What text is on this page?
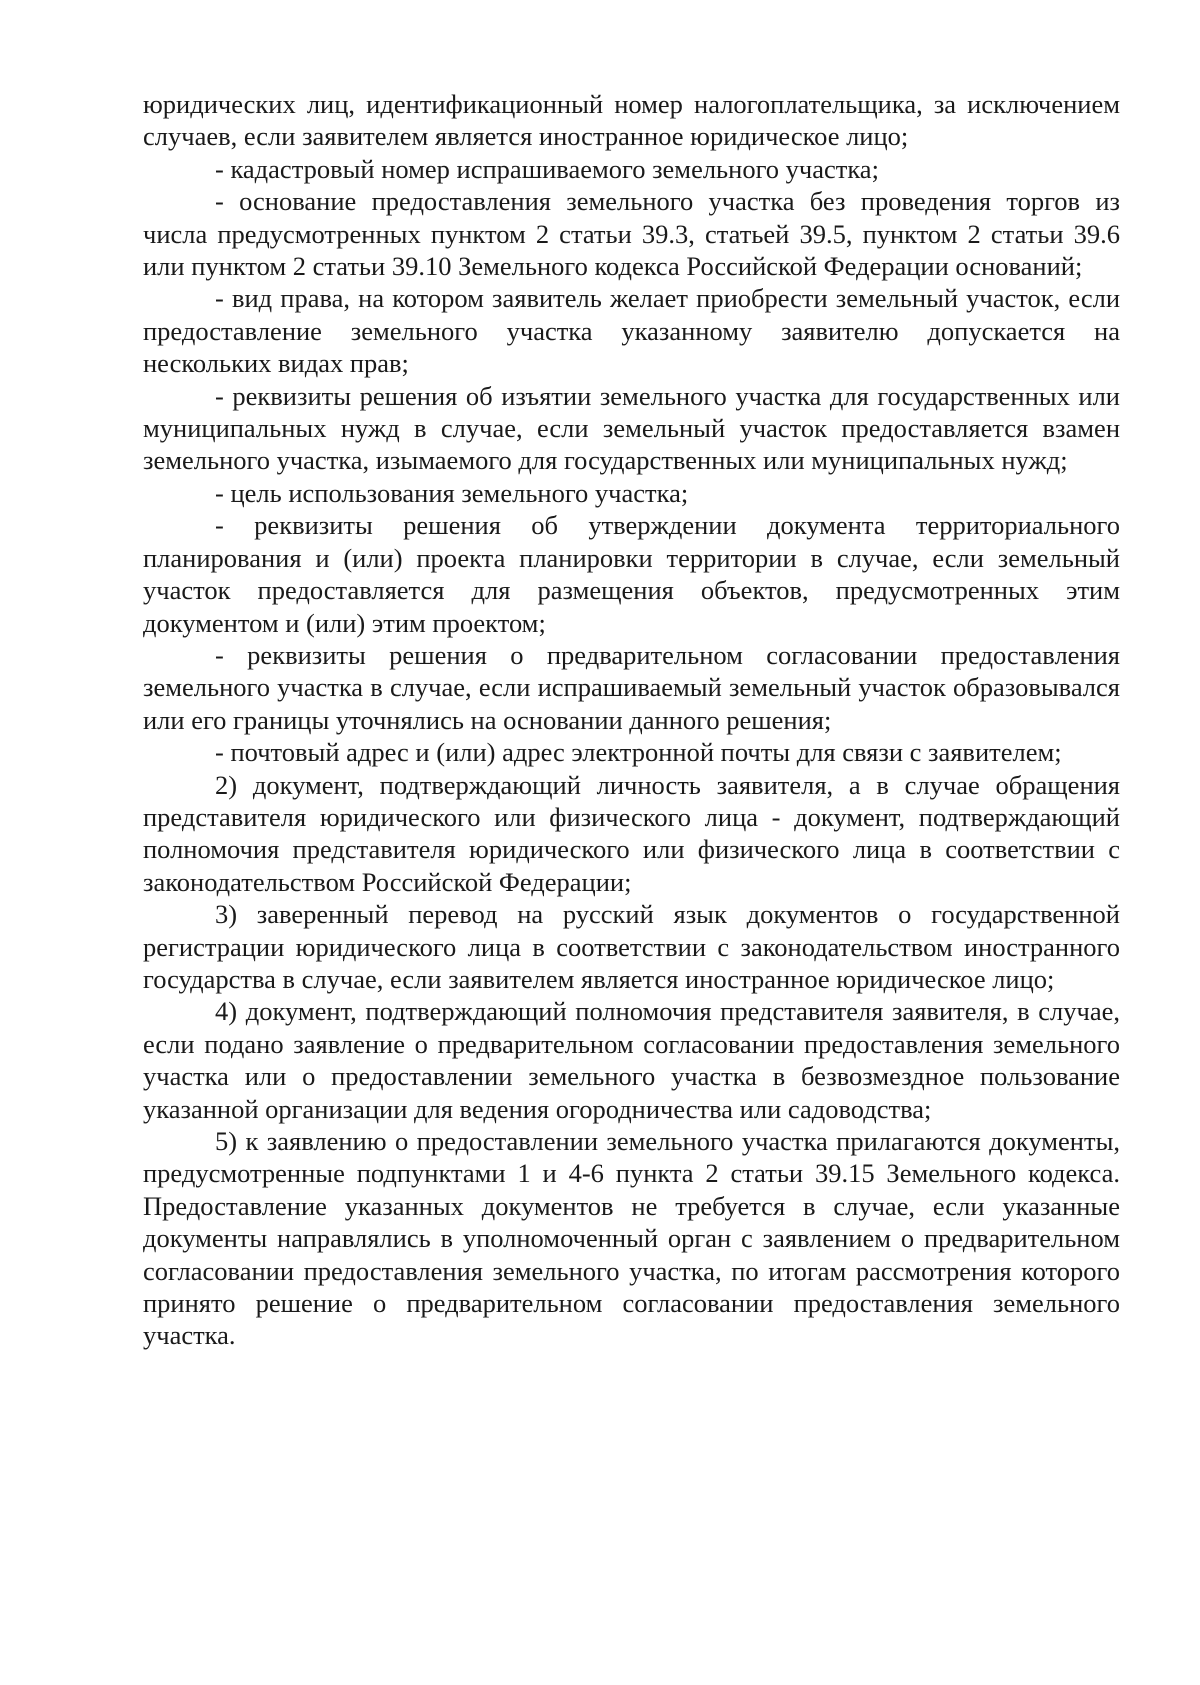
юридических лиц, идентификационный номер налогоплательщика, за исключением случаев, если заявителем является иностранное юридическое лицо;

- кадастровый номер испрашиваемого земельного участка;

- основание предоставления земельного участка без проведения торгов из числа предусмотренных пунктом 2 статьи 39.3, статьей 39.5, пунктом 2 статьи 39.6 или пунктом 2 статьи 39.10 Земельного кодекса Российской Федерации оснований;

- вид права, на котором заявитель желает приобрести земельный участок, если предоставление земельного участка указанному заявителю допускается на нескольких видах прав;

- реквизиты решения об изъятии земельного участка для государственных или муниципальных нужд в случае, если земельный участок предоставляется взамен земельного участка, изымаемого для государственных или муниципальных нужд;

- цель использования земельного участка;

- реквизиты решения об утверждении документа территориального планирования и (или) проекта планировки территории в случае, если земельный участок предоставляется для размещения объектов, предусмотренных этим документом и (или) этим проектом;

- реквизиты решения о предварительном согласовании предоставления земельного участка в случае, если испрашиваемый земельный участок образовывался или его границы уточнялись на основании данного решения;

- почтовый адрес и (или) адрес электронной почты для связи с заявителем;

2) документ, подтверждающий личность заявителя, а в случае обращения представителя юридического или физического лица - документ, подтверждающий полномочия представителя юридического или физического лица в соответствии с законодательством Российской Федерации;

3) заверенный перевод на русский язык документов о государственной регистрации юридического лица в соответствии с законодательством иностранного государства в случае, если заявителем является иностранное юридическое лицо;

4) документ, подтверждающий полномочия представителя заявителя, в случае, если подано заявление о предварительном согласовании предоставления земельного участка или о предоставлении земельного участка в безвозмездное пользование указанной организации для ведения огородничества или садоводства;

5) к заявлению о предоставлении земельного участка прилагаются документы, предусмотренные подпунктами 1 и 4-6 пункта 2 статьи 39.15 Земельного кодекса. Предоставление указанных документов не требуется в случае, если указанные документы направлялись в уполномоченный орган с заявлением о предварительном согласовании предоставления земельного участка, по итогам рассмотрения которого принято решение о предварительном согласовании предоставления земельного участка.
